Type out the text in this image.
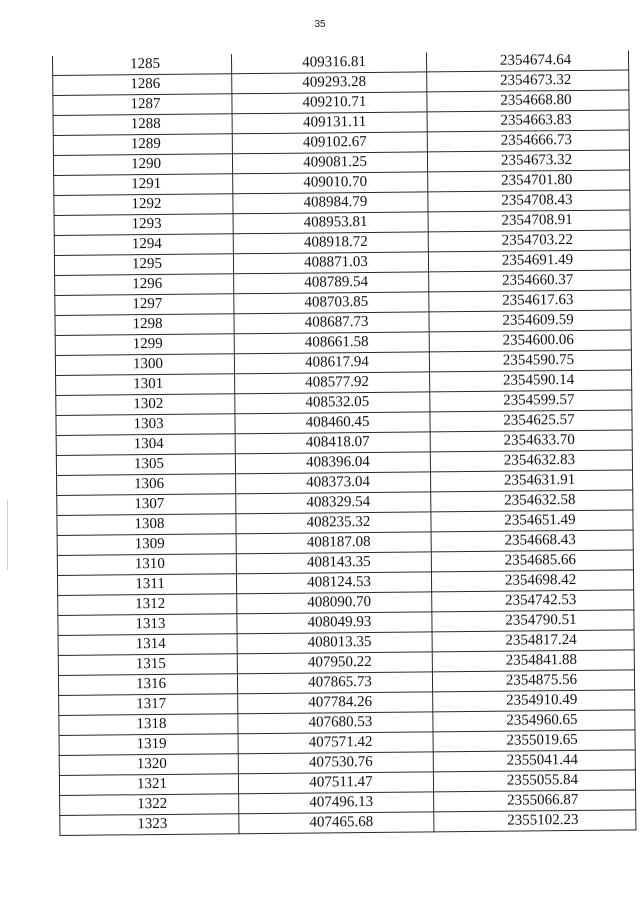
35
1285	409316.81	2354674.64
1286	409293.28	2354673.32
1287	409210.71	2354668.80
1288	409131.11	2354663.83
1289	409102.67	2354666.73
1290	409081.25	2354673.32
1291	409010.70	2354701.80
1292	408984.79	2354708.43
1293	408953.81	2354708.91
1294	408918.72	2354703.22
1295	408871.03	2354691.49
1296	408789.54	2354660.37
1297	408703.85	2354617.63
1298	408687.73	2354609.59
1299	408661.58	2354600.06
1300	408617.94	2354590.75
1301	408577.92	2354590.14
1302	408532.05	2354599.57
1303	408460.45	2354625.57
1304	408418.07	2354633.70
1305	408396.04	2354632.83
1306	408373.04	2354631.91
1307	408329.54	2354632.58
1308	408235.32	2354651.49
1309	408187.08	2354668.43
1310	408143.35	2354685.66
1311	408124.53	2354698.42
1312	408090.70	2354742.53
1313	408049.93	2354790.51
1314	408013.35	2354817.24
1315	407950.22	2354841.88
1316	407865.73	2354875.56
1317	407784.26	2354910.49
1318	407680.53	2354960.65
1319	407571.42	2355019.65
1320	407530.76	2355041.44
1321	407511.47	2355055.84
1322	407496.13	2355066.87
1323	407465.68	2355102.23
